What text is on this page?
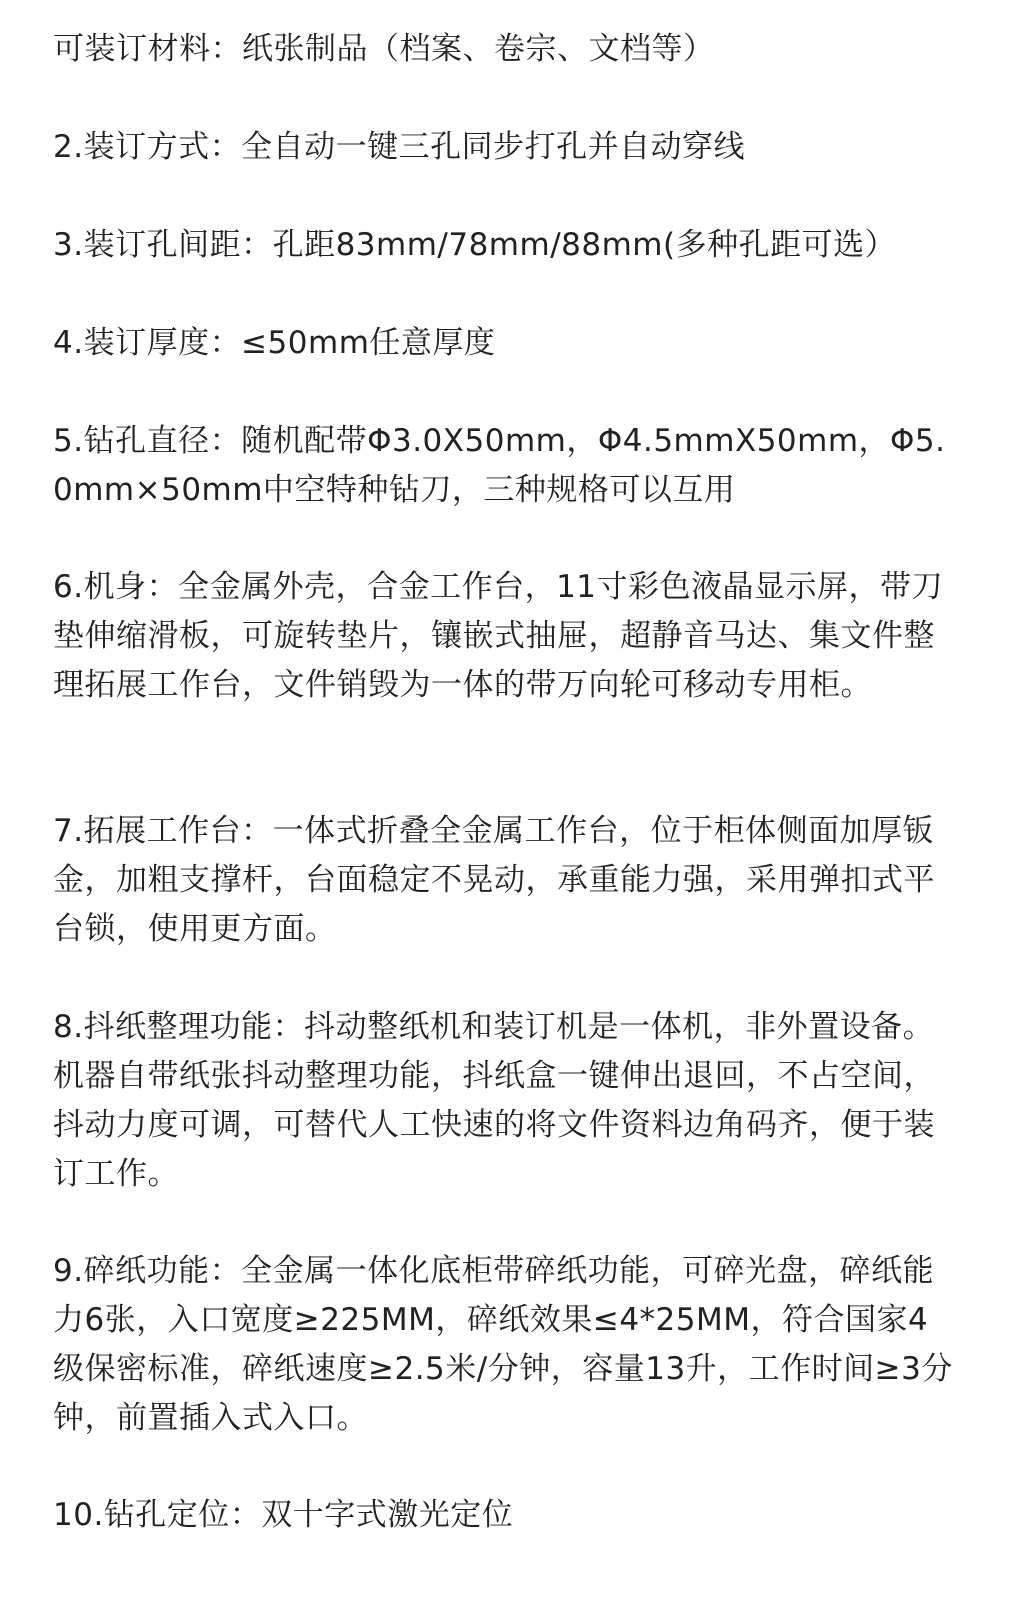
可装订材料：纸张制品（档案、卷宗、文档等）

2.装订方式：全自动一键三孔同步打孔并自动穿线

3.装订孔间距：孔距83mm/78mm/88mm(多种孔距可选）

4.装订厚度：≤50mm任意厚度

5.钻孔直径：随机配带Φ3.0X50mm，Φ4.5mmX50mm，Φ5.0mm×50mm中空特种钻刀，三种规格可以互用

6.机身：全金属外壳，合金工作台，11寸彩色液晶显示屏，带刀垫伸缩滑板，可旋转垫片，镶嵌式抽屉，超静音马达、集文件整理拓展工作台，文件销毁为一体的带万向轮可移动专用柜。

7.拓展工作台：一体式折叠全金属工作台，位于柜体侧面加厚钣金，加粗支撑杆，台面稳定不晃动，承重能力强，采用弹扣式平台锁，使用更方面。

8.抖纸整理功能：抖动整纸机和装订机是一体机，非外置设备。机器自带纸张抖动整理功能，抖纸盒一键伸出退回，不占空间，抖动力度可调，可替代人工快速的将文件资料边角码齐，便于装订工作。

9.碎纸功能：全金属一体化底柜带碎纸功能，可碎光盘，碎纸能力6张，入口宽度≥225MM，碎纸效果≤4*25MM，符合国家4级保密标准，碎纸速度≥2.5米/分钟，容量13升，工作时间≥3分钟，前置插入式入口。

10.钻孔定位：双十字式激光定位
